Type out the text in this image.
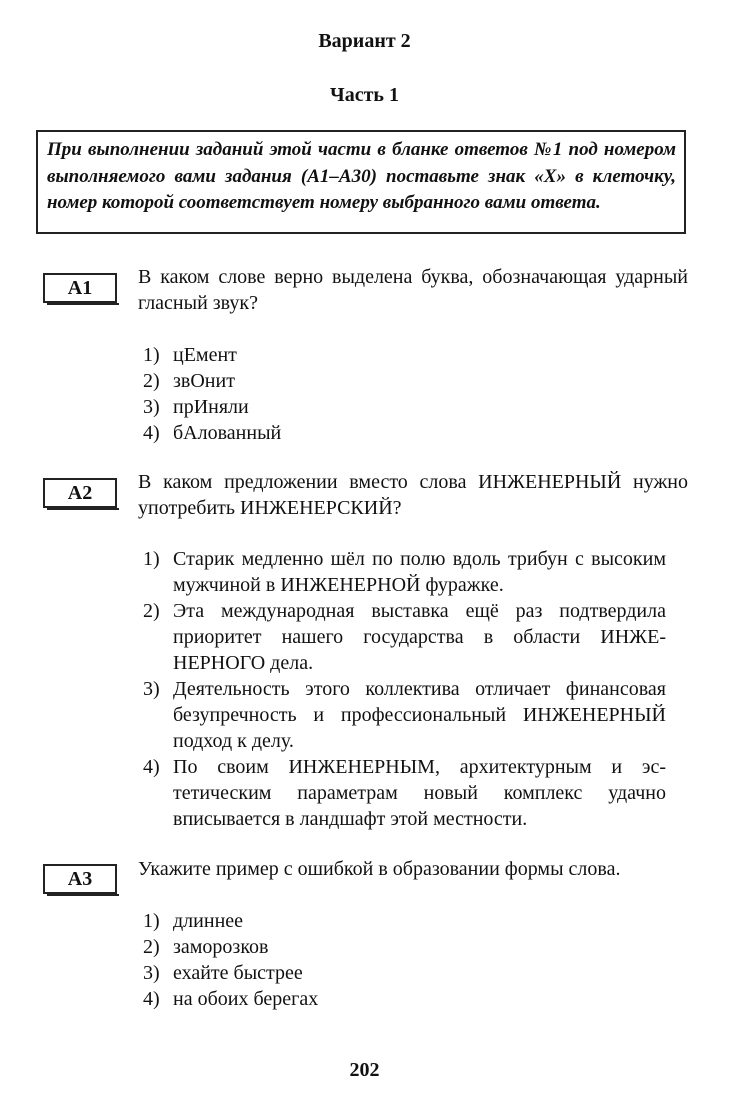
Вариант 2
Часть 1
При выполнении заданий этой части в бланке ответов №1 под номером выполняемого вами задания (А1–А30) поставьте знак «Х» в клеточку, номер которой соответствует номеру выбранного вами ответа.
А1	В каком слове верно выделена буква, обозначающая ударный гласный звук?
1) цЕмент
2) звОнит
3) прИняли
4) бАлованный
А2	В каком предложении вместо слова ИНЖЕНЕРНЫЙ нужно употребить ИНЖЕНЕРСКИЙ?
1) Старик медленно шёл по полю вдоль трибун с высоким мужчиной в ИНЖЕНЕРНОЙ фуражке.
2) Эта международная выставка ещё раз подтвердила приоритет нашего государства в области ИНЖЕНЕРНОГО дела.
3) Деятельность этого коллектива отличает финансовая безупречность и профессиональный ИНЖЕНЕРНЫЙ подход к делу.
4) По своим ИНЖЕНЕРНЫМ, архитектурным и эстетическим параметрам новый комплекс удачно вписывается в ландшафт этой местности.
А3	Укажите пример с ошибкой в образовании формы слова.
1) длиннее
2) заморозков
3) ехайте быстрее
4) на обоих берегах
202
